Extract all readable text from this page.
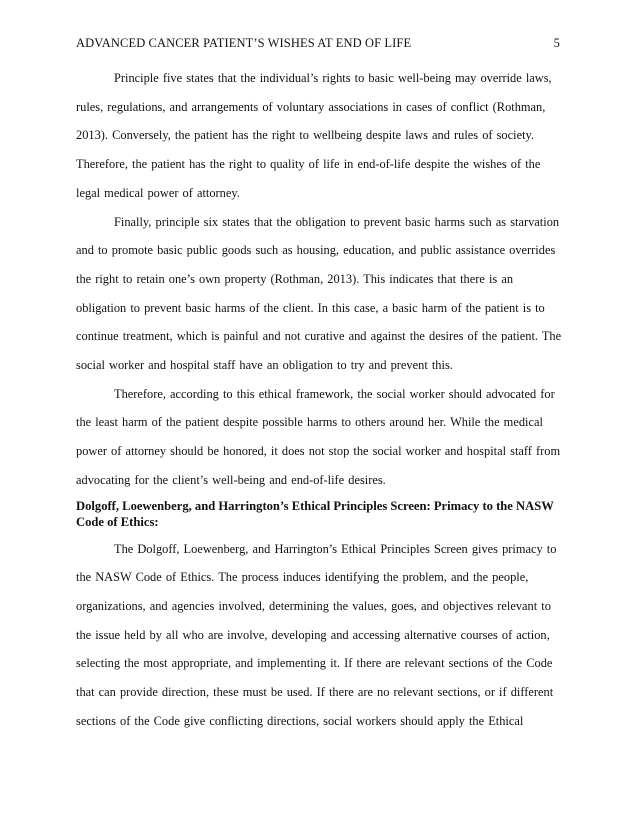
ADVANCED CANCER PATIENT’S WISHES AT END OF LIFE	5

Principle five states that the individual’s rights to basic well-being may override laws, rules, regulations, and arrangements of voluntary associations in cases of conflict (Rothman, 2013). Conversely, the patient has the right to wellbeing despite laws and rules of society. Therefore, the patient has the right to quality of life in end-of-life despite the wishes of the legal medical power of attorney.

Finally, principle six states that the obligation to prevent basic harms such as starvation and to promote basic public goods such as housing, education, and public assistance overrides the right to retain one’s own property (Rothman, 2013). This indicates that there is an obligation to prevent basic harms of the client. In this case, a basic harm of the patient is to continue treatment, which is painful and not curative and against the desires of the patient. The social worker and hospital staff have an obligation to try and prevent this.

Therefore, according to this ethical framework, the social worker should advocated for the least harm of the patient despite possible harms to others around her. While the medical power of attorney should be honored, it does not stop the social worker and hospital staff from advocating for the client’s well-being and end-of-life desires.

Dolgoff, Loewenberg, and Harrington’s Ethical Principles Screen: Primacy to the NASW Code of Ethics:

The Dolgoff, Loewenberg, and Harrington’s Ethical Principles Screen gives primacy to the NASW Code of Ethics. The process induces identifying the problem, and the people, organizations, and agencies involved, determining the values, goes, and objectives relevant to the issue held by all who are involve, developing and accessing alternative courses of action, selecting the most appropriate, and implementing it. If there are relevant sections of the Code that can provide direction, these must be used. If there are no relevant sections, or if different sections of the Code give conflicting directions, social workers should apply the Ethical
